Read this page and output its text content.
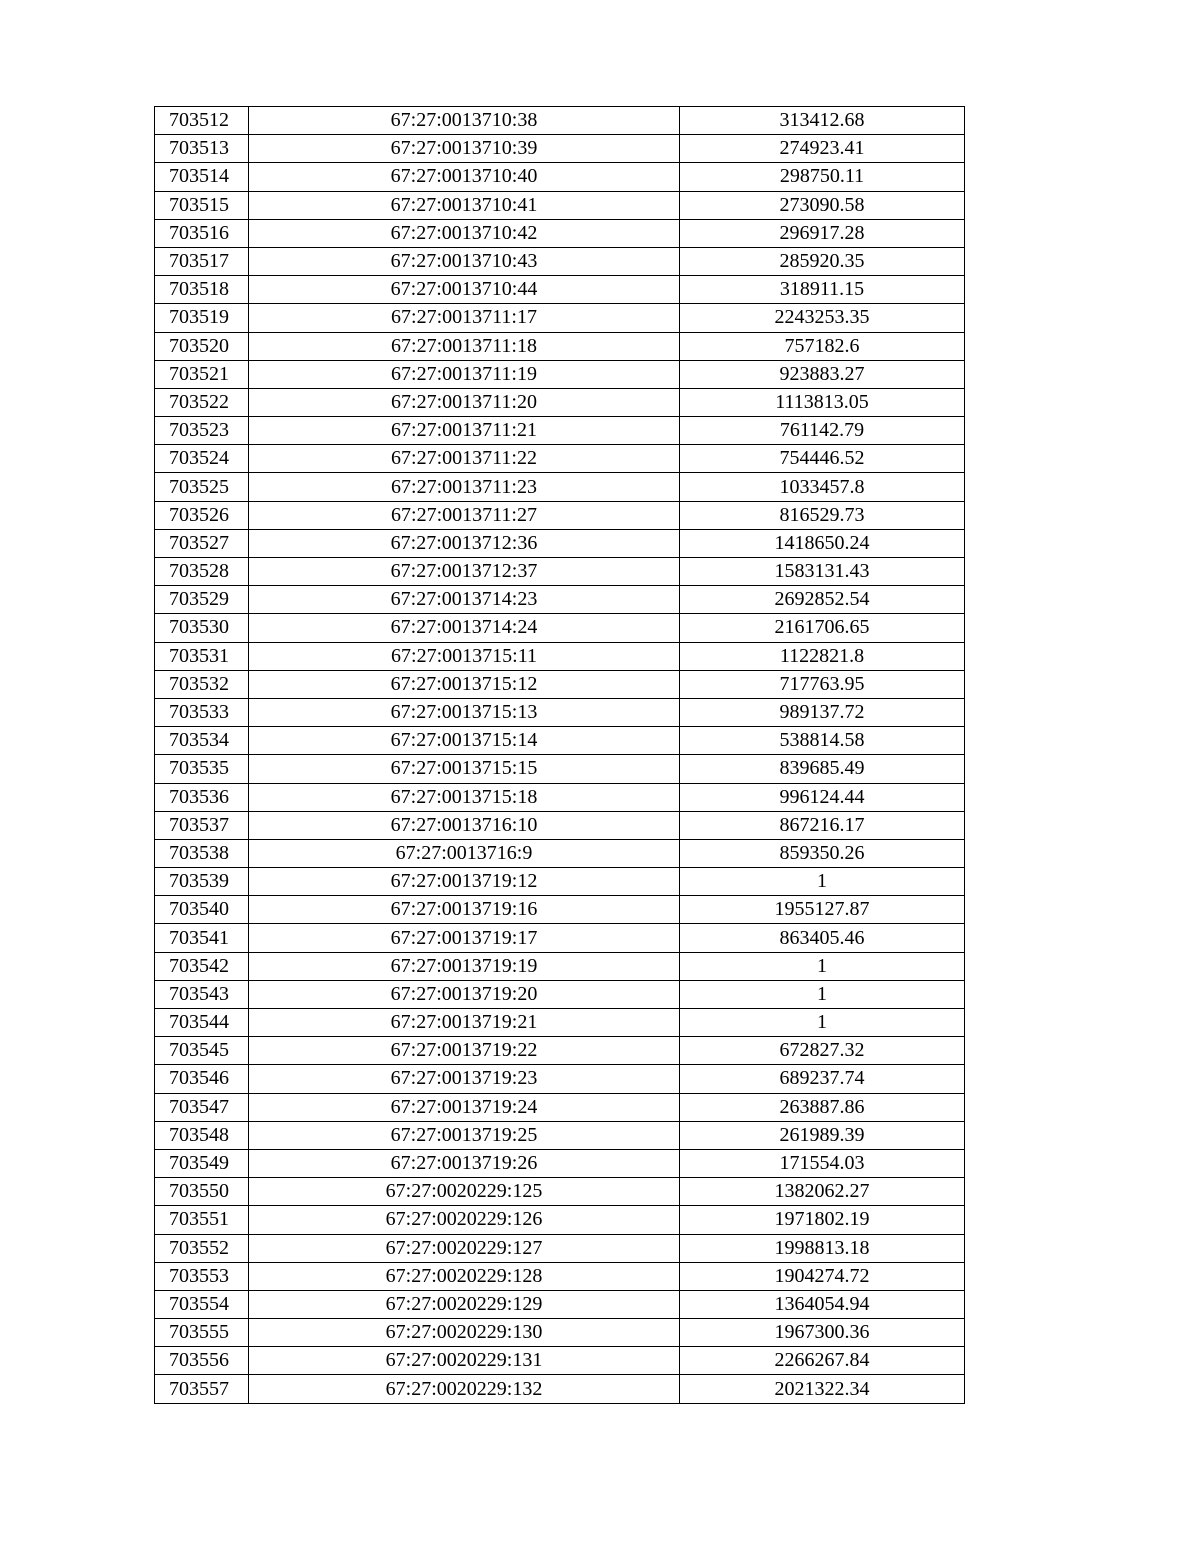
703512	67:27:0013710:38	313412.68
703513	67:27:0013710:39	274923.41
703514	67:27:0013710:40	298750.11
703515	67:27:0013710:41	273090.58
703516	67:27:0013710:42	296917.28
703517	67:27:0013710:43	285920.35
703518	67:27:0013710:44	318911.15
703519	67:27:0013711:17	2243253.35
703520	67:27:0013711:18	757182.6
703521	67:27:0013711:19	923883.27
703522	67:27:0013711:20	1113813.05
703523	67:27:0013711:21	761142.79
703524	67:27:0013711:22	754446.52
703525	67:27:0013711:23	1033457.8
703526	67:27:0013711:27	816529.73
703527	67:27:0013712:36	1418650.24
703528	67:27:0013712:37	1583131.43
703529	67:27:0013714:23	2692852.54
703530	67:27:0013714:24	2161706.65
703531	67:27:0013715:11	1122821.8
703532	67:27:0013715:12	717763.95
703533	67:27:0013715:13	989137.72
703534	67:27:0013715:14	538814.58
703535	67:27:0013715:15	839685.49
703536	67:27:0013715:18	996124.44
703537	67:27:0013716:10	867216.17
703538	67:27:0013716:9	859350.26
703539	67:27:0013719:12	1
703540	67:27:0013719:16	1955127.87
703541	67:27:0013719:17	863405.46
703542	67:27:0013719:19	1
703543	67:27:0013719:20	1
703544	67:27:0013719:21	1
703545	67:27:0013719:22	672827.32
703546	67:27:0013719:23	689237.74
703547	67:27:0013719:24	263887.86
703548	67:27:0013719:25	261989.39
703549	67:27:0013719:26	171554.03
703550	67:27:0020229:125	1382062.27
703551	67:27:0020229:126	1971802.19
703552	67:27:0020229:127	1998813.18
703553	67:27:0020229:128	1904274.72
703554	67:27:0020229:129	1364054.94
703555	67:27:0020229:130	1967300.36
703556	67:27:0020229:131	2266267.84
703557	67:27:0020229:132	2021322.34
